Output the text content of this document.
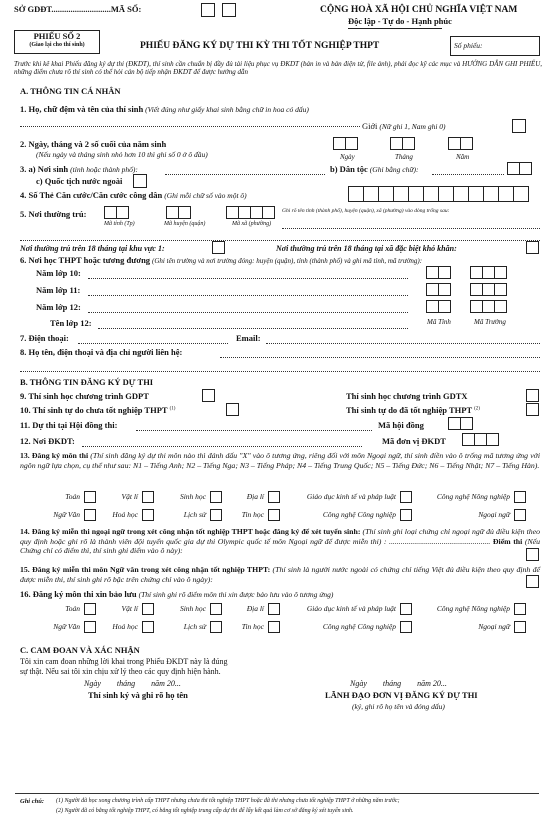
SỞ GDĐT............................MÃ SỐ:	CỘNG HOÀ XÃ HỘI CHỦ NGHĨA VIỆT NAM
Độc lập - Tự do - Hạnh phúc
PHIẾU SỐ 2
(Giao lại cho thí sinh)	PHIẾU ĐĂNG KÝ DỰ THI KỲ THI TỐT NGHIỆP THPT	Số phiếu:
Trước khi kê khai Phiếu đăng ký dự thi (ĐKDT), thí sinh cần chuẩn bị đầy đủ tài liệu phục vụ ĐKDT (bản in và bản điện tử, file ảnh), phải đọc kỹ các mục và HƯỚNG DẪN GHI PHIẾU, những điểm chưa rõ thí sinh có thể hỏi cán bộ tiếp nhận ĐKDT để được hướng dẫn
A. THÔNG TIN CÁ NHÂN
1. Họ, chữ đệm và tên của thí sinh (Viết đúng như giấy khai sinh bằng chữ in hoa có dấu)
Giới (Nữ ghi 1, Nam ghi 0)
2. Ngày, tháng và 2 số cuối của năm sinh
(Nếu ngày và tháng sinh nhỏ hơn 10 thì ghi số 0 ở ô đầu)	Ngày	Tháng	Năm
3. a) Nơi sinh (tỉnh hoặc thành phố):	b) Dân tộc (Ghi bằng chữ):
c) Quốc tịch nước ngoài
4. Số Thẻ Căn cước/Căn cước công dân (Ghi mỗi chữ số vào một ô)
5. Nơi thường trú:	Ghi rõ tên tỉnh (thành phố), huyện (quận), xã (phường) vào dòng trống sau:
Mã tỉnh (Tp)	Mã huyện (quận)	Mã xã (phường)
Nơi thường trú trên 18 tháng tại khu vực 1:	Nơi thường trú trên 18 tháng tại xã đặc biệt khó khăn:
6. Nơi học THPT hoặc tương đương (Ghi tên trường và nơi trường đóng: huyện (quận), tỉnh (thành phố) và ghi mã tỉnh, mã trường):
Năm lớp 10:
Năm lớp 11:
Năm lớp 12:
Tên lớp 12:	Mã Tỉnh	Mã Trường
7. Điện thoại:	Email:
8. Họ tên, điện thoại và địa chỉ người liên hệ:
B. THÔNG TIN ĐĂNG KÝ DỰ THI
9. Thí sinh học chương trình GDPT	Thí sinh học chương trình GDTX
10. Thí sinh tự do chưa tốt nghiệp THPT $^{(1)}$	Thí sinh tự do đã tốt nghiệp THPT $^{(2)}$
11. Dự thi tại Hội đồng thi:	Mã hội đồng
12. Nơi ĐKDT:	Mã đơn vị ĐKDT
13. Đăng ký môn thi (Thí sinh đăng ký dự thi môn nào thì đánh dấu "X" vào ô tương ứng, riêng đối với môn Ngoại ngữ, thí sinh điền vào ô trống mã tương ứng với ngôn ngữ lựa chọn, cụ thể như sau: N1 – Tiếng Anh; N2 – Tiếng Nga; N3 – Tiếng Pháp; N4 – Tiếng Trung Quốc; N5 – Tiếng Đức; N6 – Tiếng Nhật; N7 – Tiếng Hàn).
Toán	Vật lí	Sinh học	Địa lí	Giáo dục kinh tế và pháp luật	Công nghệ Nông nghiệp
Ngữ Văn	Hoá học	Lịch sử	Tin học	Công nghệ Công nghiệp	Ngoại ngữ
14. Đăng ký miễn thi ngoại ngữ trong xét công nhận tốt nghiệp THPT hoặc đăng ký để xét tuyển sinh: (Thí sinh ghi loại chứng chỉ ngoại ngữ đủ điều kiện theo quy định hoặc ghi rõ là thành viên đội tuyển quốc gia dự thi Olympic quốc tế môn Ngoại ngữ để được miễn thi) : .................................................... Điểm thi (Nếu Chứng chỉ có điểm thì, thí sinh ghi điểm vào ô này):
15. Đăng ký miễn thi môn Ngữ văn trong xét công nhận tốt nghiệp THPT: (Thí sinh là người nước ngoài có chứng chỉ tiếng Việt đủ điều kiện theo quy định để được miễn thi, thí sinh ghi rõ bậc trên chứng chỉ vào ô ngày):
16. Đăng ký môn thi xin bảo lưu (Thí sinh ghi rõ điểm môn thi xin được bảo lưu vào ô tương ứng)
Toán	Vật lí	Sinh học	Địa lí	Giáo dục kinh tế và pháp luật	Công nghệ Nông nghiệp
Ngữ Văn	Hoá học	Lịch sử	Tin học	Công nghệ Công nghiệp	Ngoại ngữ
C. CAM ĐOAN VÀ XÁC NHẬN
Tôi xin cam đoan những lời khai trong Phiếu ĐKDT này là đúng
sự thật. Nếu sai tôi xin chịu xử lý theo các quy định hiện hành.
Ngày        tháng        năm 20...
Thí sinh ký và ghi rõ họ tên
Ngày        tháng        năm 20...
LÃNH ĐẠO ĐƠN VỊ ĐĂNG KÝ DỰ THI
(ký, ghi rõ họ tên và đóng dấu)
Ghi chú: (1) Người đã học xong chương trình cấp THPT nhưng chưa thi tốt nghiệp THPT hoặc đã thi nhưng chưa tốt nghiệp THPT ở những năm trước;
(2) Người đã có bằng tốt nghiệp THPT, có bằng tốt nghiệp trung cấp dự thi để lấy kết quả làm cơ sở đăng ký xét tuyển sinh.
